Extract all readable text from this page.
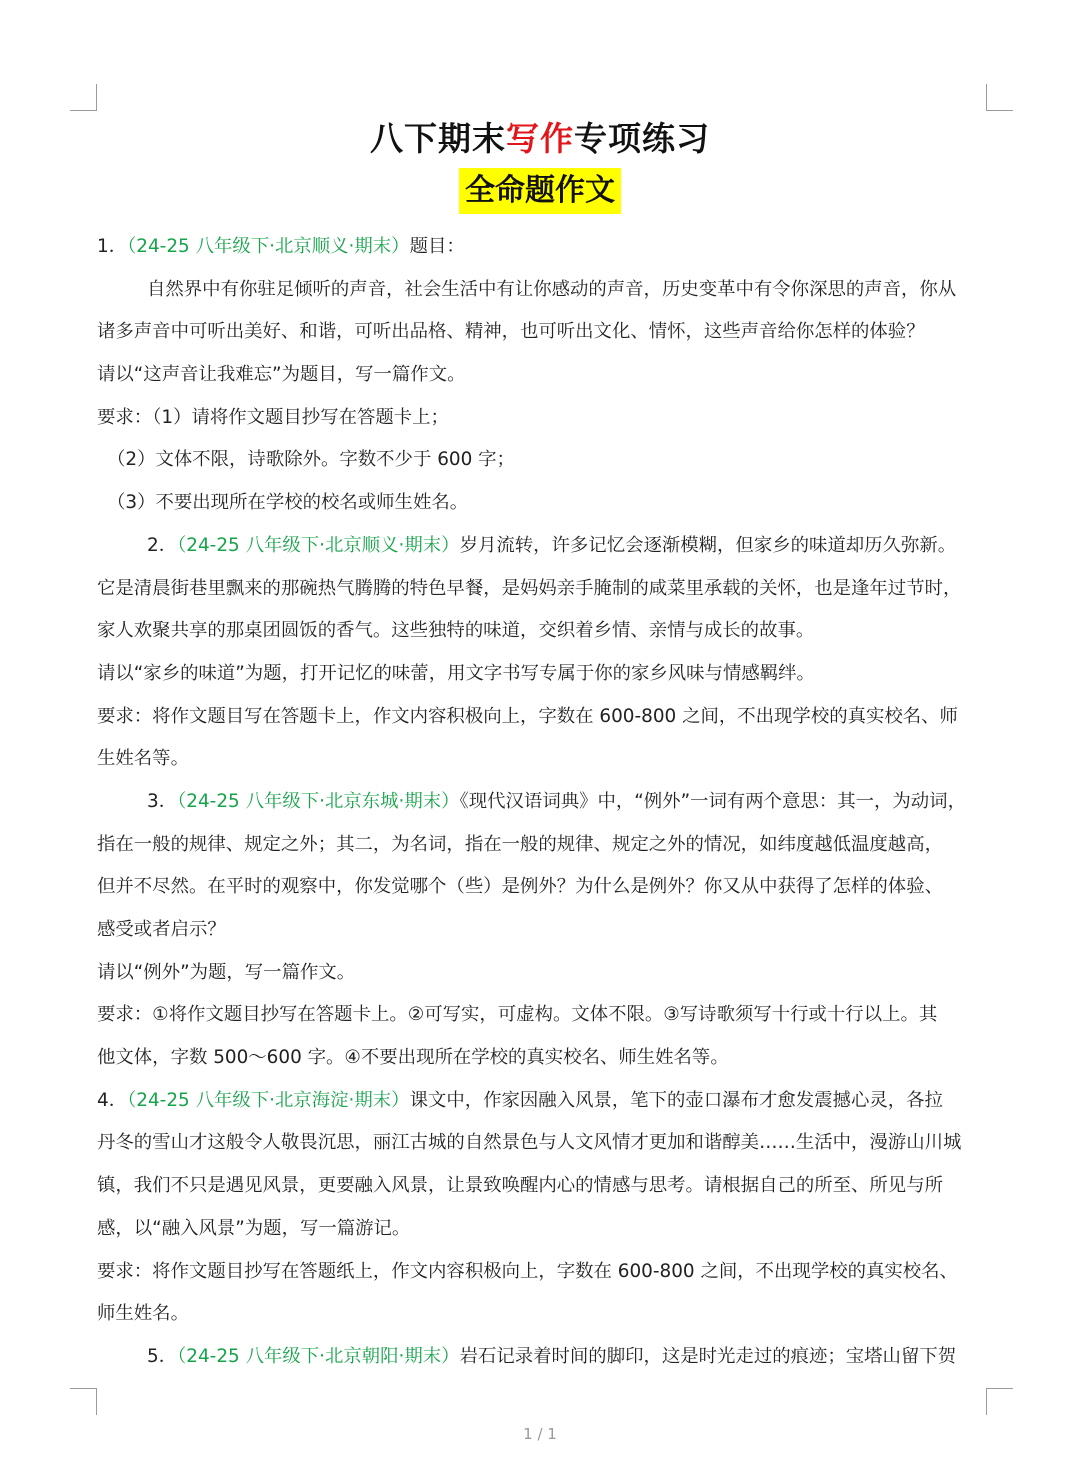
八下期末写作专项练习
全命题作文
1．（24-25 八年级下·北京顺义·期末）题目：
自然界中有你驻足倾听的声音，社会生活中有让你感动的声音，历史变革中有令你深思的声音，你从
诸多声音中可听出美好、和谐，可听出品格、精神，也可听出文化、情怀，这些声音给你怎样的体验？
请以“这声音让我难忘”为题目，写一篇作文。
要求：（1）请将作文题目抄写在答题卡上；
（2）文体不限，诗歌除外。字数不少于 600 字；
（3）不要出现所在学校的校名或师生姓名。
2．（24-25 八年级下·北京顺义·期末）岁月流转，许多记忆会逐渐模糊，但家乡的味道却历久弥新。
它是清晨街巷里飘来的那碗热气腾腾的特色早餐，是妈妈亲手腌制的咸菜里承载的关怀，也是逢年过节时，
家人欢聚共享的那桌团圆饭的香气。这些独特的味道，交织着乡情、亲情与成长的故事。
请以“家乡的味道”为题，打开记忆的味蕾，用文字书写专属于你的家乡风味与情感羁绊。
要求：将作文题目写在答题卡上，作文内容积极向上，字数在 600-800 之间，不出现学校的真实校名、师
生姓名等。
3．（24-25 八年级下·北京东城·期末）《现代汉语词典》中，“例外”一词有两个意思：其一，为动词，
指在一般的规律、规定之外；其二，为名词，指在一般的规律、规定之外的情况，如纬度越低温度越高，
但并不尽然。在平时的观察中，你发觉哪个（些）是例外？为什么是例外？你又从中获得了怎样的体验、
感受或者启示？
请以“例外”为题，写一篇作文。
要求：①将作文题目抄写在答题卡上。②可写实，可虚构。文体不限。③写诗歌须写十行或十行以上。其
他文体，字数 500～600 字。④不要出现所在学校的真实校名、师生姓名等。
4．（24-25 八年级下·北京海淀·期末）课文中，作家因融入风景，笔下的壶口瀑布才愈发震撼心灵，各拉
丹冬的雪山才这般令人敬畏沉思，丽江古城的自然景色与人文风情才更加和谐醇美……生活中，漫游山川城
镇，我们不只是遇见风景，更要融入风景，让景致唤醒内心的情感与思考。请根据自己的所至、所见与所
感，以“融入风景”为题，写一篇游记。
要求：将作文题目抄写在答题纸上，作文内容积极向上，字数在 600-800 之间，不出现学校的真实校名、
师生姓名。
5．（24-25 八年级下·北京朝阳·期末）岩石记录着时间的脚印，这是时光走过的痕迹；宝塔山留下贺
1 / 1
